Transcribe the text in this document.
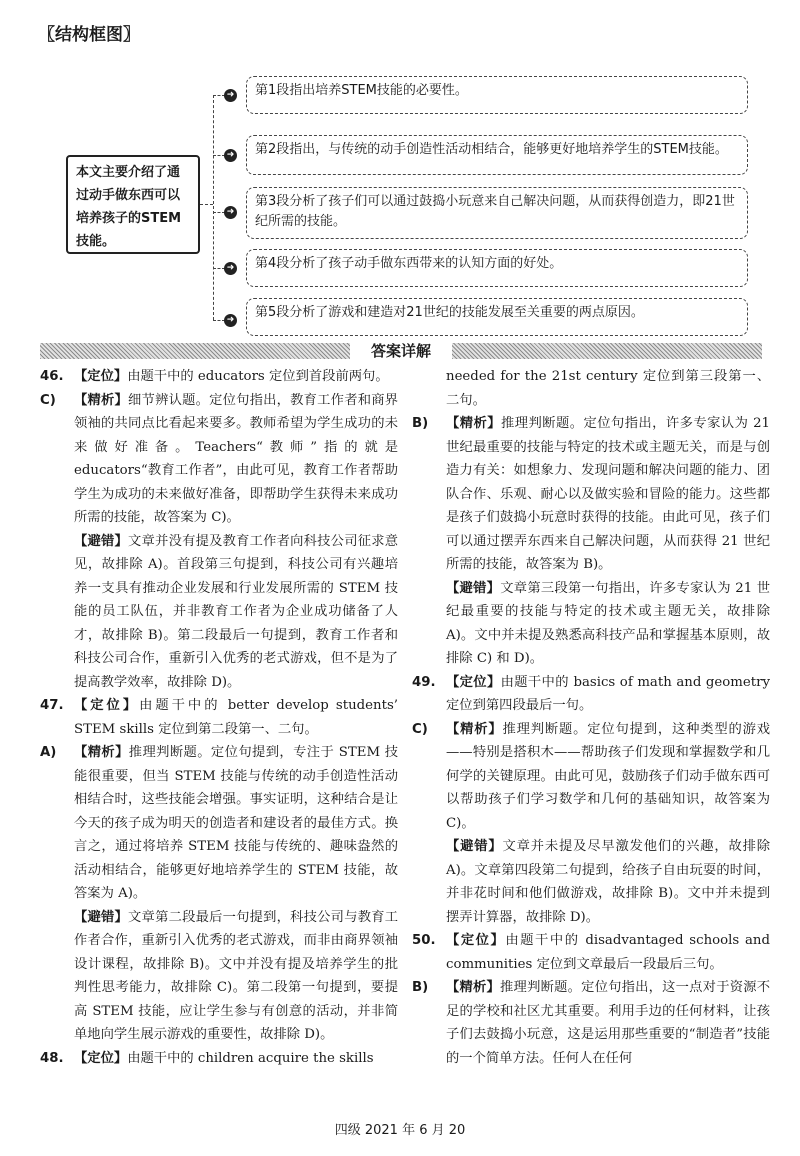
〖结构框图〗
本文主要介绍了通过动手做东西可以培养孩子的STEM技能。
➜	第1段指出培养STEM技能的必要性。
➜	第2段指出，与传统的动手创造性活动相结合，能够更好地培养学生的STEM技能。
➜
第3段分析了孩子们可以通过鼓捣小玩意来自己解决问题，从而获得创造力，即21世纪所需的技能。
➜	第4段分析了孩子动手做东西带来的认知方面的好处。
➜	第5段分析了游戏和建造对21世纪的技能发展至关重要的两点原因。
答案详解
46. 【定位】由题干中的 educators 定位到首段前两句。
C) 【精析】细节辨认题。定位句指出，教育工作者和商界领袖的共同点比看起来要多。教师希望为学生成功的未来做好准备。Teachers“教师”指的就是 educators“教育工作者”，由此可见，教育工作者帮助学生为成功的未来做好准备，即帮助学生获得未来成功所需的技能，故答案为 C)。
【避错】文章并没有提及教育工作者向科技公司征求意见，故排除 A)。首段第三句提到，科技公司有兴趣培养一支具有推动企业发展和行业发展所需的 STEM 技能的员工队伍，并非教育工作者为企业成功储备了人才，故排除 B)。第二段最后一句提到，教育工作者和科技公司合作，重新引入优秀的老式游戏，但不是为了提高教学效率，故排除 D)。
47. 【定位】由题干中的 better develop students’ STEM skills 定位到第二段第一、二句。
A) 【精析】推理判断题。定位句提到，专注于 STEM 技能很重要，但当 STEM 技能与传统的动手创造性活动相结合时，这些技能会增强。事实证明，这种结合是让今天的孩子成为明天的创造者和建设者的最佳方式。换言之，通过将培养 STEM 技能与传统的、趣味盎然的活动相结合，能够更好地培养学生的 STEM 技能，故答案为 A)。
【避错】文章第二段最后一句提到，科技公司与教育工作者合作，重新引入优秀的老式游戏，而非由商界领袖设计课程，故排除 B)。文中并没有提及培养学生的批判性思考能力，故排除 C)。第二段第一句提到，要提高 STEM 技能，应让学生参与有创意的活动，并非简单地向学生展示游戏的重要性，故排除 D)。
48. 【定位】由题干中的 children acquire the skills
needed for the 21st century 定位到第三段第一、二句。
B) 【精析】推理判断题。定位句指出，许多专家认为 21 世纪最重要的技能与特定的技术或主题无关，而是与创造力有关：如想象力、发现问题和解决问题的能力、团队合作、乐观、耐心以及做实验和冒险的能力。这些都是孩子们鼓捣小玩意时获得的技能。由此可见，孩子们可以通过摆弄东西来自己解决问题，从而获得 21 世纪所需的技能，故答案为 B)。
【避错】文章第三段第一句指出，许多专家认为 21 世纪最重要的技能与特定的技术或主题无关，故排除 A)。文中并未提及熟悉高科技产品和掌握基本原则，故排除 C) 和 D)。
49. 【定位】由题干中的 basics of math and geometry 定位到第四段最后一句。
C) 【精析】推理判断题。定位句提到，这种类型的游戏——特别是搭积木——帮助孩子们发现和掌握数学和几何学的关键原理。由此可见，鼓励孩子们动手做东西可以帮助孩子们学习数学和几何的基础知识，故答案为 C)。
【避错】文章并未提及尽早激发他们的兴趣，故排除 A)。文章第四段第二句提到，给孩子自由玩耍的时间，并非花时间和他们做游戏，故排除 B)。文中并未提到摆弄计算器，故排除 D)。
50. 【定位】由题干中的 disadvantaged schools and communities 定位到文章最后一段最后三句。
B) 【精析】推理判断题。定位句指出，这一点对于资源不足的学校和社区尤其重要。利用手边的任何材料，让孩子们去鼓捣小玩意，这是运用那些重要的“制造者”技能的一个简单方法。任何人在任何
四级 2021 年 6 月 20
